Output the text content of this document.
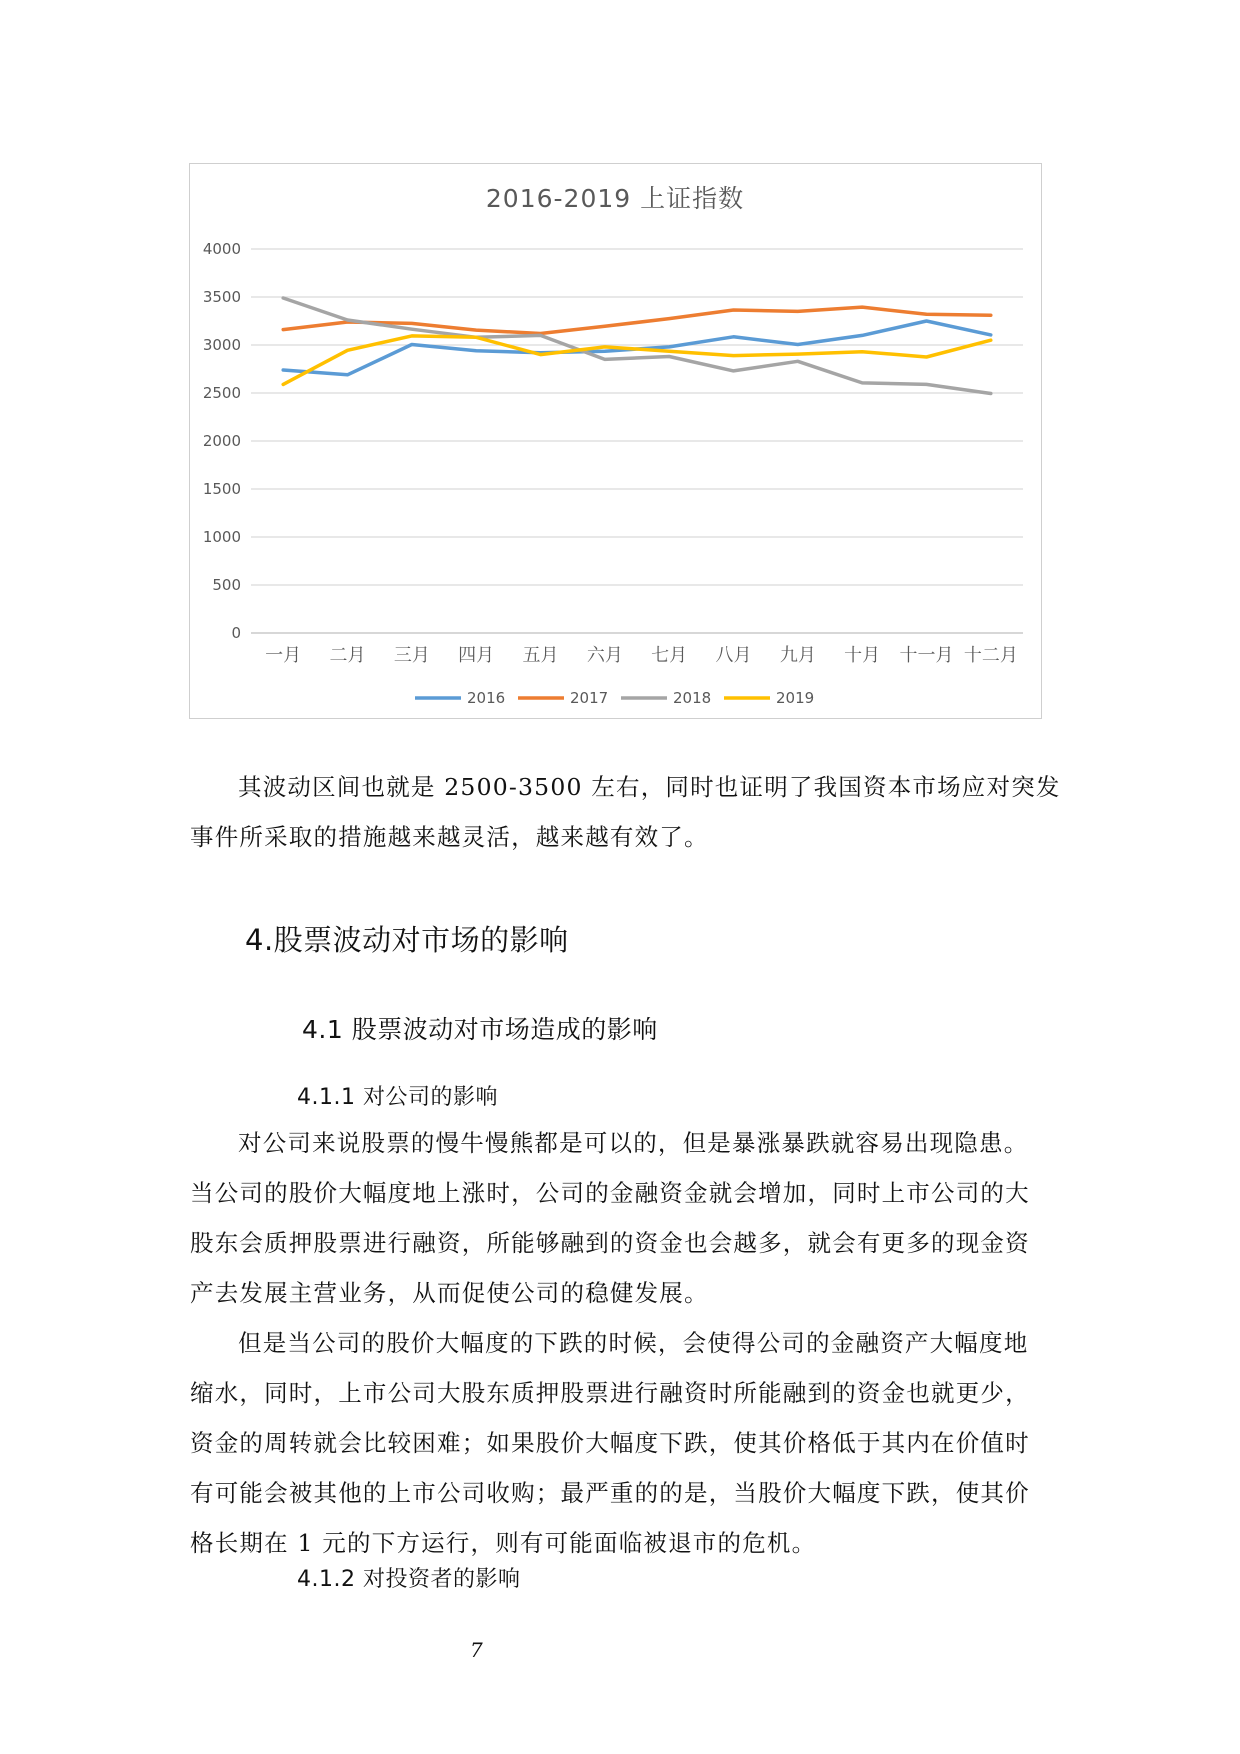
2016-2019 上证指数
0
500
1000
1500
2000
2500
3000
3500
4000
一月 二月 三月 四月 五月 六月 七月 八月 九月 十月 十一月 十二月
2016	2017	2018	2019

其波动区间也就是 2500-3500 左右，同时也证明了我国资本市场应对突发
事件所采取的措施越来越灵活，越来越有效了。

4.股票波动对市场的影响
4.1 股票波动对市场造成的影响
4.1.1 对公司的影响

对公司来说股票的慢牛慢熊都是可以的，但是暴涨暴跌就容易出现隐患。
当公司的股价大幅度地上涨时，公司的金融资金就会增加，同时上市公司的大
股东会质押股票进行融资，所能够融到的资金也会越多，就会有更多的现金资
产去发展主营业务，从而促使公司的稳健发展。

但是当公司的股价大幅度的下跌的时候，会使得公司的金融资产大幅度地
缩水，同时，上市公司大股东质押股票进行融资时所能融到的资金也就更少，
资金的周转就会比较困难；如果股价大幅度下跌，使其价格低于其内在价值时
有可能会被其他的上市公司收购；最严重的的是，当股价大幅度下跌，使其价
格长期在 1 元的下方运行，则有可能面临被退市的危机。

4.1.2 对投资者的影响
7
